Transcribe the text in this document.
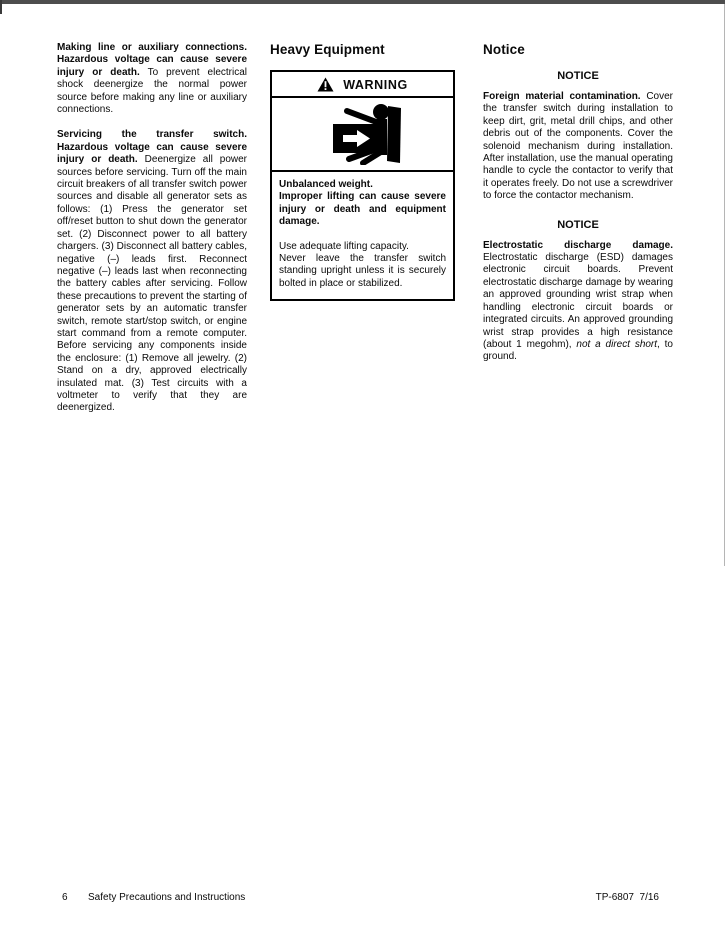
Making line or auxiliary connections. Hazardous voltage can cause severe injury or death. To prevent electrical shock deenergize the normal power source before making any line or auxiliary connections.

Servicing the transfer switch. Hazardous voltage can cause severe injury or death. Deenergize all power sources before servicing. Turn off the main circuit breakers of all transfer switch power sources and disable all generator sets as follows: (1) Press the generator set off/reset button to shut down the generator set. (2) Disconnect power to all battery chargers. (3) Disconnect all battery cables, negative (–) leads first. Reconnect negative (–) leads last when reconnecting the battery cables after servicing. Follow these precautions to prevent the starting of generator sets by an automatic transfer switch, remote start/stop switch, or engine start command from a remote computer. Before servicing any components inside the enclosure: (1) Remove all jewelry. (2) Stand on a dry, approved electrically insulated mat. (3) Test circuits with a voltmeter to verify that they are deenergized.

Heavy Equipment
WARNING

Unbalanced weight.
Improper lifting can cause severe injury or death and equipment damage.

Use adequate lifting capacity.
Never leave the transfer switch standing upright unless it is securely bolted in place or stabilized.

Notice
NOTICE

Foreign material contamination. Cover the transfer switch during installation to keep dirt, grit, metal drill chips, and other debris out of the components. Cover the solenoid mechanism during installation. After installation, use the manual operating handle to cycle the contactor to verify that it operates freely. Do not use a screwdriver to force the contactor mechanism.

NOTICE

Electrostatic discharge damage. Electrostatic discharge (ESD) damages electronic circuit boards. Prevent electrostatic discharge damage by wearing an approved grounding wrist strap when handling electronic circuit boards or integrated circuits. An approved grounding wrist strap provides a high resistance (about 1 megohm), not a direct short, to ground.

6 Safety Precautions and Instructions	TP-6807 7/16
